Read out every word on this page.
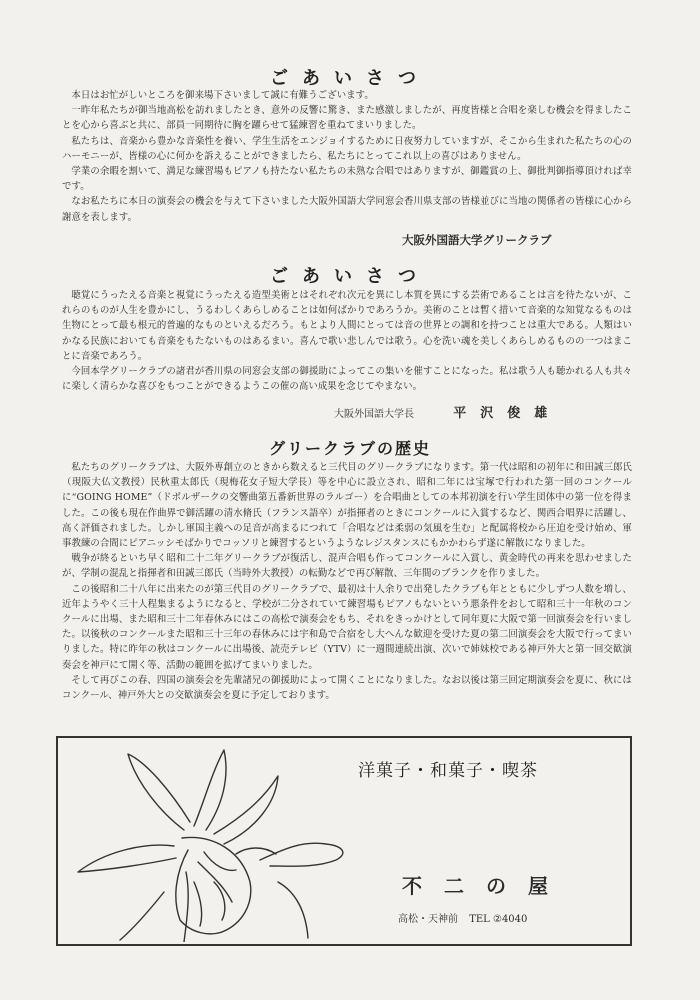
ごあいさつ

本日はお忙がしいところを御来場下さいまして誠に有難うございます。

一昨年私たちが御当地高松を訪れましたとき、意外の反響に驚き、また感激しましたが、再度皆様と合唱を楽しむ機会を得ましたことを心から喜ぶと共に、部員一同期待に胸を躍らせて猛練習を重ねてまいりました。

私たちは、音楽から豊かな音楽性を養い、学生生活をエンジョイするために日夜努力していますが、そこから生まれた私たちの心のハーモニーが、皆様の心に何かを訴えることができましたら、私たちにとってこれ以上の喜びはありません。

学業の余暇を割いて、満足な練習場もピアノも持たない私たちの未熟な合唱ではありますが、御鑑賞の上、御批判御指導頂ければ幸です。

なお私たちに本日の演奏会の機会を与えて下さいました大阪外国語大学同窓会香川県支部の皆様並びに当地の関係者の皆様に心から謝意を表します。

大阪外国語大学グリークラブ
ごあいさつ

聴覚にうったえる音楽と視覚にうったえる造型美術とはそれぞれ次元を異にし本質を異にする芸術であることは言を待たないが、これらのものが人生を豊かにし、うるわしくあらしめることは如何ばかりであろうか。美術のことは暫く措いて音楽的な知覚なるものは生物にとって最も根元的普遍的なものといえるだろう。もとより人間にとっては音の世界との調和を持つことは重大である。人類はいかなる民族においても音楽をもたないものはあるまい。喜んで歌い悲しんでは歌う。心を洗い魂を美しくあらしめるものの一つはまことに音楽であろう。

今回本学グリークラブの諸君が香川県の同窓会支部の御援助によってこの集いを催すことになった。私は歌う人も聴かれる人も共々に楽しく清らかな喜びをもつことができるようこの催の高い成果を念じてやまない。

大阪外国語大学長	平沢俊雄
グリークラブの歴史

私たちのグリークラブは、大阪外専創立のときから数えると三代目のグリークラブになります。第一代は昭和の初年に和田誠三郎氏（現阪大仏文教授）民秋重太郎氏（現梅花女子短大学長）等を中心に設立され、昭和二年には宝塚で行われた第一回のコンクールに“GOING HOME”（ドボルザークの交響曲第五番新世界のラルゴー）を合唱曲としての本邦初演を行い学生団体中の第一位を得ました。この後も現在作曲界で御活躍の清水脩氏（フランス語卒）が指揮者のときにコンクールに入賞するなど、関西合唱界に活躍し、高く評価されました。しかし軍国主義への足音が高まるにつれて「合唱などは柔弱の気風を生む」と配属将校から圧迫を受け始め、軍事教練の合間にピアニッシモばかりでコッソリと練習するというようなレジスタンスにもかかわらず遂に解散になりました。

戦争が終るといち早く昭和二十二年グリークラブが復活し、混声合唱も作ってコンクールに入賞し、黄金時代の再来を思わせましたが、学制の混乱と指揮者和田誠三郎氏（当時外大教授）の転勤などで再び解散、三年間のブランクを作りました。

この後昭和二十八年に出来たのが第三代目のグリークラブで、最初は十人余りで出発したクラブも年とともに少しずつ人数を増し、近年ようやく三十人程集まるようになると、学校が二分されていて練習場もピアノもないという悪条件をおして昭和三十一年秋のコンクールに出場、また昭和三十二年春休みにはこの高松で演奏会をもち、それをきっかけとして同年夏に大阪で第一回演奏会を行いました。以後秋のコンクールまた昭和三十三年の春休みには宇和島で合宿をし大へんな歓迎を受けた夏の第二回演奏会を大阪で行ってまいりました。特に昨年の秋はコンクールに出場後、読売テレビ（YTV）に一週間連続出演、次いで姉妹校である神戸外大と第一回交歓演奏会を神戸にて開く等、活動の範囲を拡げてまいりました。

そして再びこの春、四国の演奏会を先輩諸兄の御援助によって開くことになりました。なお以後は第三回定期演奏会を夏に、秋にはコンクール、神戸外大との交歓演奏会を夏に予定しております。

洋菓子・和菓子・喫茶
不二の屋
高松・天神前 TEL ②4040
